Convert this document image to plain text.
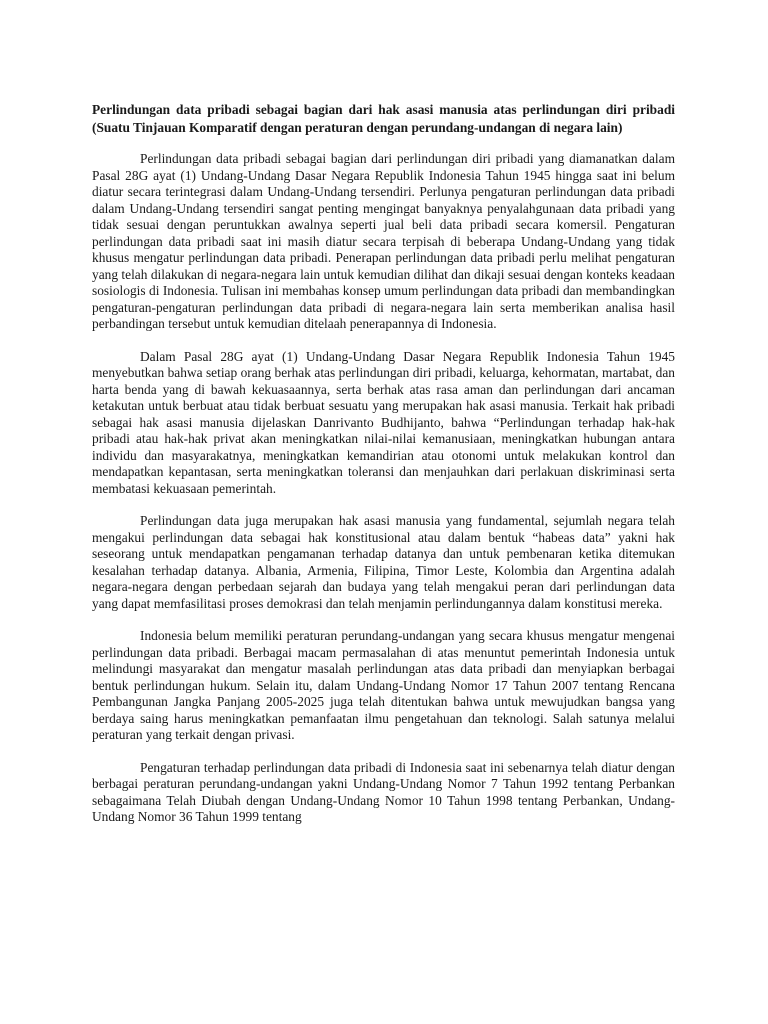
Perlindungan data pribadi sebagai bagian dari hak asasi manusia atas perlindungan diri pribadi (Suatu Tinjauan Komparatif dengan peraturan dengan perundang-undangan di negara lain)

Perlindungan data pribadi sebagai bagian dari perlindungan diri pribadi yang diamanatkan dalam Pasal 28G ayat (1) Undang-Undang Dasar Negara Republik Indonesia Tahun 1945 hingga saat ini belum diatur secara terintegrasi dalam Undang-Undang tersendiri. Perlunya pengaturan perlindungan data pribadi dalam Undang-Undang tersendiri sangat penting mengingat banyaknya penyalahgunaan data pribadi yang tidak sesuai dengan peruntukkan awalnya seperti jual beli data pribadi secara komersil. Pengaturan perlindungan data pribadi saat ini masih diatur secara terpisah di beberapa Undang-Undang yang tidak khusus mengatur perlindungan data pribadi. Penerapan perlindungan data pribadi perlu melihat pengaturan yang telah dilakukan di negara-negara lain untuk kemudian dilihat dan dikaji sesuai dengan konteks keadaan sosiologis di Indonesia. Tulisan ini membahas konsep umum perlindungan data pribadi dan membandingkan pengaturan-pengaturan perlindungan data pribadi di negara-negara lain serta memberikan analisa hasil perbandingan tersebut untuk kemudian ditelaah penerapannya di Indonesia.

Dalam Pasal 28G ayat (1) Undang-Undang Dasar Negara Republik Indonesia Tahun 1945 menyebutkan bahwa setiap orang berhak atas perlindungan diri pribadi, keluarga, kehormatan, martabat, dan harta benda yang di bawah kekuasaannya, serta berhak atas rasa aman dan perlindungan dari ancaman ketakutan untuk berbuat atau tidak berbuat sesuatu yang merupakan hak asasi manusia. Terkait hak pribadi sebagai hak asasi manusia dijelaskan Danrivanto Budhijanto, bahwa “Perlindungan terhadap hak-hak pribadi atau hak-hak privat akan meningkatkan nilai-nilai kemanusiaan, meningkatkan hubungan antara individu dan masyarakatnya, meningkatkan kemandirian atau otonomi untuk melakukan kontrol dan mendapatkan kepantasan, serta meningkatkan toleransi dan menjauhkan dari perlakuan diskriminasi serta membatasi kekuasaan pemerintah.

Perlindungan data juga merupakan hak asasi manusia yang fundamental, sejumlah negara telah mengakui perlindungan data sebagai hak konstitusional atau dalam bentuk “habeas data” yakni hak seseorang untuk mendapatkan pengamanan terhadap datanya dan untuk pembenaran ketika ditemukan kesalahan terhadap datanya. Albania, Armenia, Filipina, Timor Leste, Kolombia dan Argentina adalah negara-negara dengan perbedaan sejarah dan budaya yang telah mengakui peran dari perlindungan data yang dapat memfasilitasi proses demokrasi dan telah menjamin perlindungannya dalam konstitusi mereka.

Indonesia belum memiliki peraturan perundang-undangan yang secara khusus mengatur mengenai perlindungan data pribadi. Berbagai macam permasalahan di atas menuntut pemerintah Indonesia untuk melindungi masyarakat dan mengatur masalah perlindungan atas data pribadi dan menyiapkan berbagai bentuk perlindungan hukum. Selain itu, dalam Undang-Undang Nomor 17 Tahun 2007 tentang Rencana Pembangunan Jangka Panjang 2005-2025 juga telah ditentukan bahwa untuk mewujudkan bangsa yang berdaya saing harus meningkatkan pemanfaatan ilmu pengetahuan dan teknologi. Salah satunya melalui peraturan yang terkait dengan privasi.

Pengaturan terhadap perlindungan data pribadi di Indonesia saat ini sebenarnya telah diatur dengan berbagai peraturan perundang-undangan yakni Undang-Undang Nomor 7 Tahun 1992 tentang Perbankan sebagaimana Telah Diubah dengan Undang-Undang Nomor 10 Tahun 1998 tentang Perbankan, Undang-Undang Nomor 36 Tahun 1999 tentang
